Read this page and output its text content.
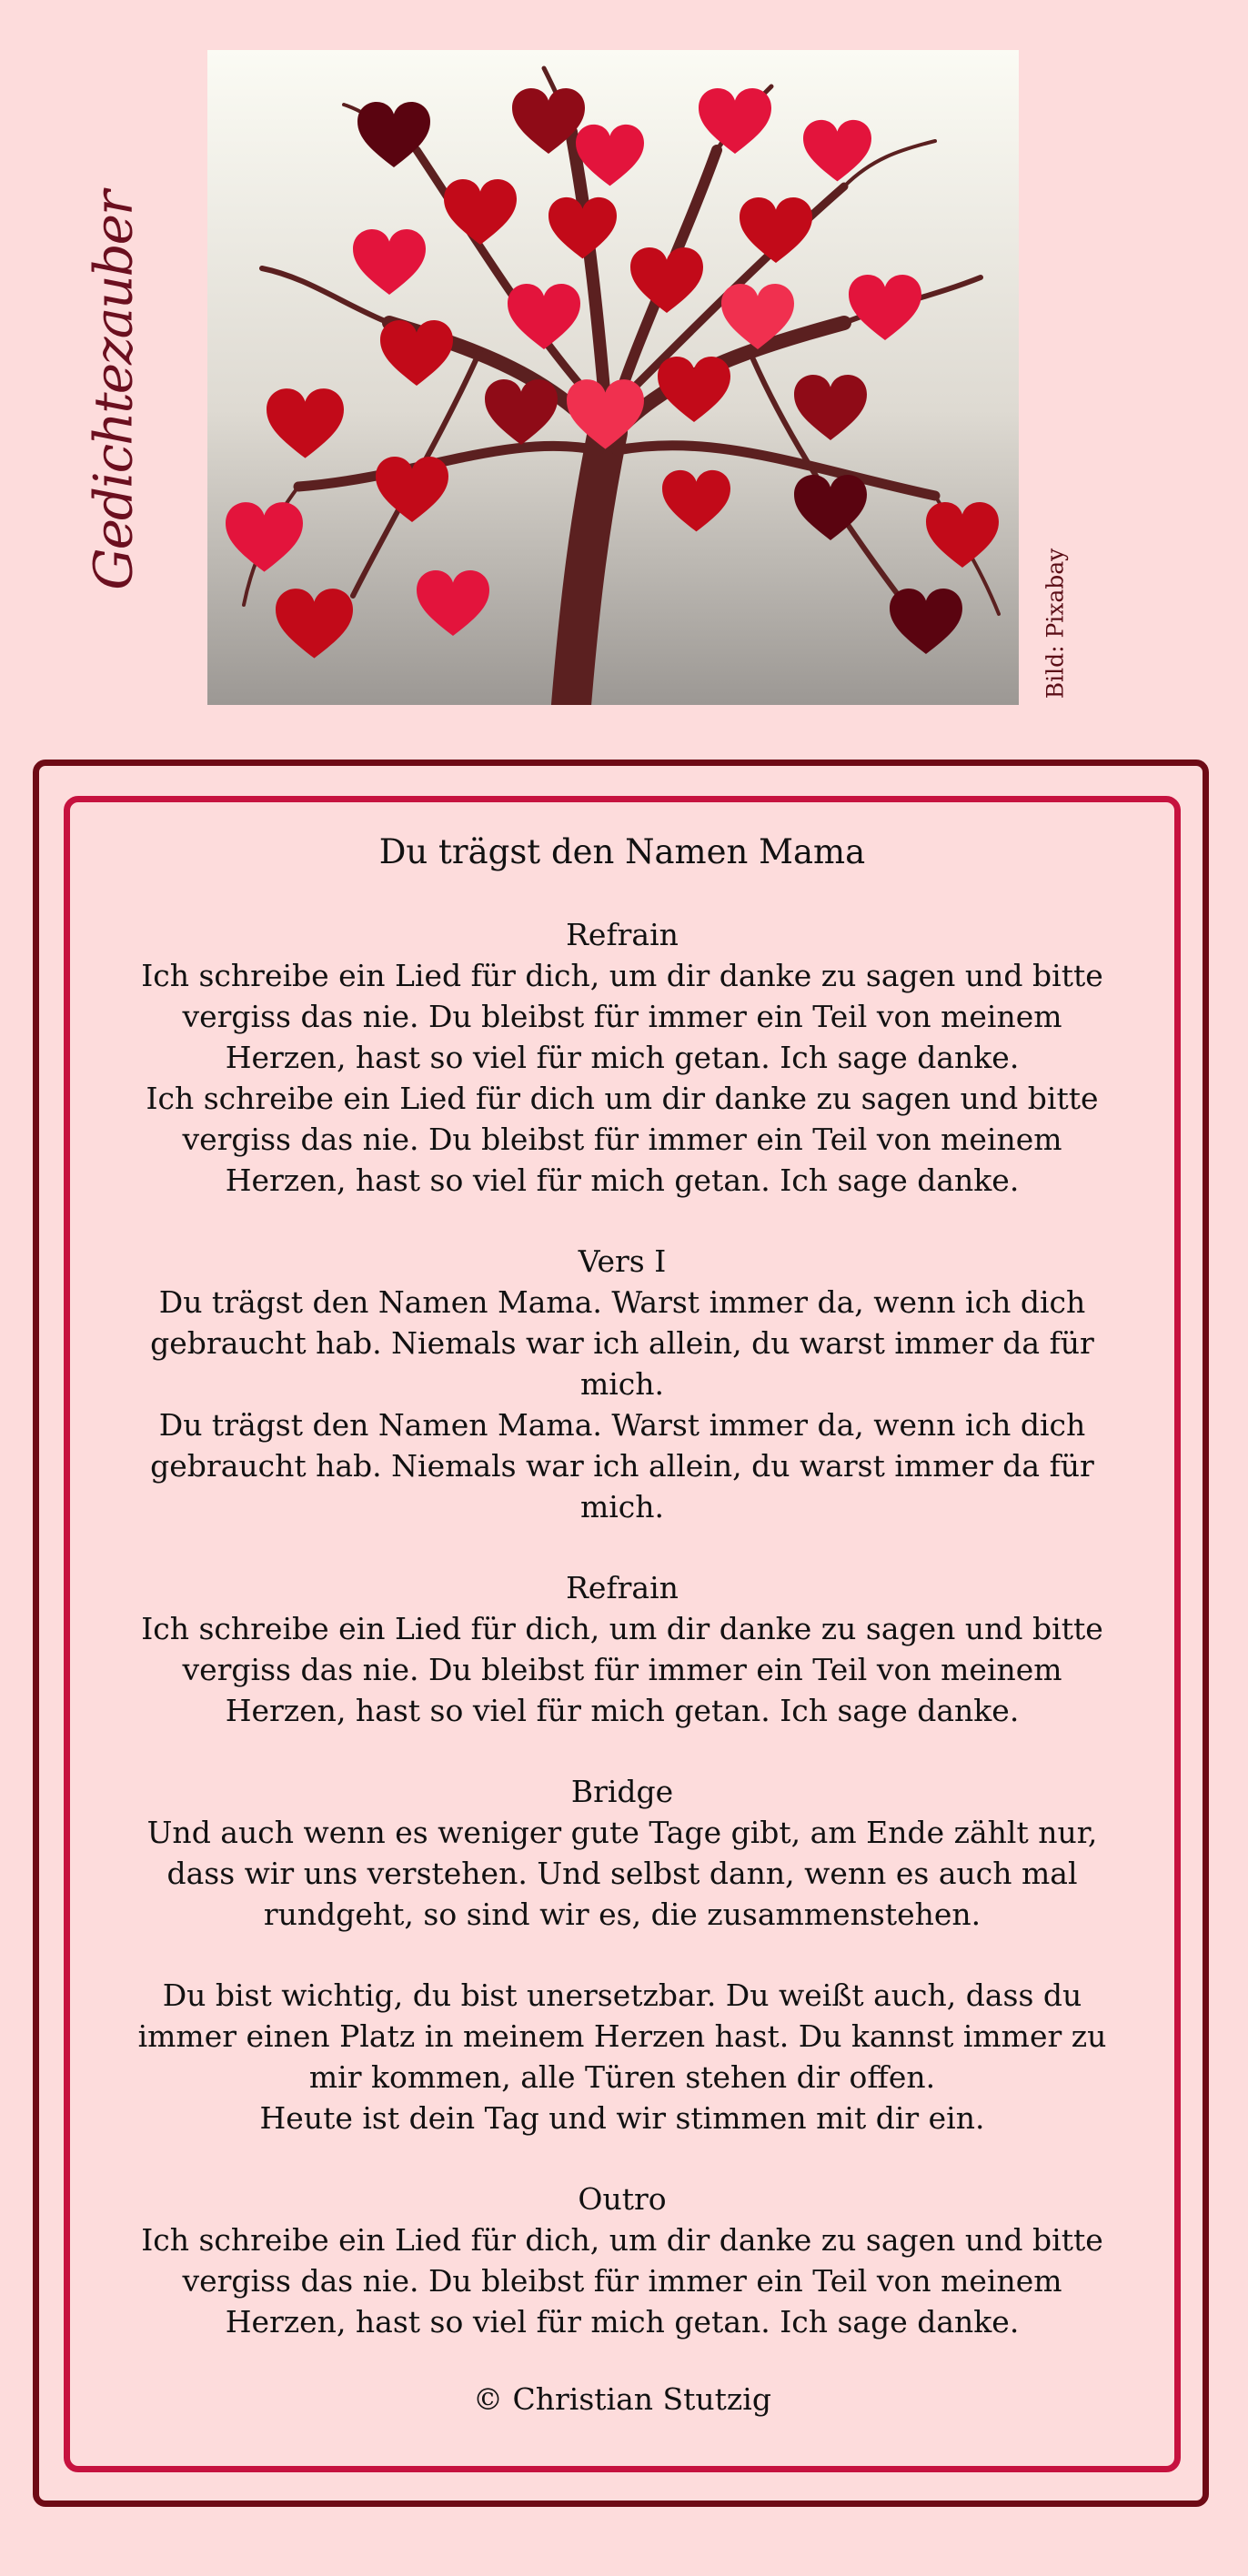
Gedichtezauber
Bild: Pixabay
Du trägst den Namen Mama
Refrain
Ich schreibe ein Lied für dich, um dir danke zu sagen und bitte
vergiss das nie. Du bleibst für immer ein Teil von meinem
Herzen, hast so viel für mich getan. Ich sage danke.
Ich schreibe ein Lied für dich um dir danke zu sagen und bitte
vergiss das nie. Du bleibst für immer ein Teil von meinem
Herzen, hast so viel für mich getan. Ich sage danke.
Vers I
Du trägst den Namen Mama. Warst immer da, wenn ich dich
gebraucht hab. Niemals war ich allein, du warst immer da für
mich.
Du trägst den Namen Mama. Warst immer da, wenn ich dich
gebraucht hab. Niemals war ich allein, du warst immer da für
mich.
Refrain
Ich schreibe ein Lied für dich, um dir danke zu sagen und bitte
vergiss das nie. Du bleibst für immer ein Teil von meinem
Herzen, hast so viel für mich getan. Ich sage danke.
Bridge
Und auch wenn es weniger gute Tage gibt, am Ende zählt nur,
dass wir uns verstehen. Und selbst dann, wenn es auch mal
rundgeht, so sind wir es, die zusammenstehen.
Du bist wichtig, du bist unersetzbar. Du weißt auch, dass du
immer einen Platz in meinem Herzen hast. Du kannst immer zu
mir kommen, alle Türen stehen dir offen.
Heute ist dein Tag und wir stimmen mit dir ein.
Outro
Ich schreibe ein Lied für dich, um dir danke zu sagen und bitte
vergiss das nie. Du bleibst für immer ein Teil von meinem
Herzen, hast so viel für mich getan. Ich sage danke.
© Christian Stutzig
